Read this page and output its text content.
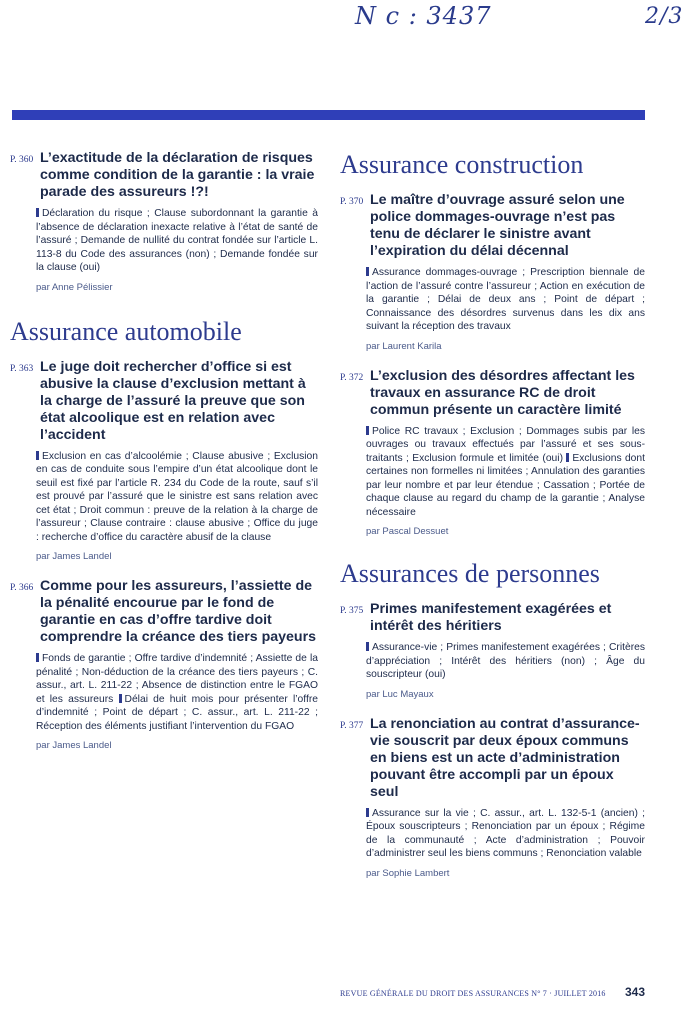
N c : 3437	2/3
P. 360 L’exactitude de la déclaration de risques comme condition de la garantie : la vraie parade des assureurs !?!
Déclaration du risque ; Clause subordonnant la garantie à l’absence de déclaration inexacte relative à l’état de santé de l’assuré ; Demande de nullité du contrat fondée sur l’article L. 113-8 du Code des assurances (non) ; Demande fondée sur la clause (oui)
par Anne Pélissier
Assurance automobile
P. 363 Le juge doit rechercher d’office si est abusive la clause d’exclusion mettant à la charge de l’assuré la preuve que son état alcoolique est en relation avec l’accident
Exclusion en cas d’alcoolémie ; Clause abusive ; Exclusion en cas de conduite sous l’empire d’un état alcoolique dont le seuil est fixé par l’article R. 234 du Code de la route, sauf s’il est prouvé par l’assuré que le sinistre est sans relation avec cet état ; Droit commun : preuve de la relation à la charge de l’assureur ; Clause contraire : clause abusive ; Office du juge : recherche d’office du caractère abusif de la clause
par James Landel
P. 366 Comme pour les assureurs, l’assiette de la pénalité encourue par le fond de garantie en cas d’offre tardive doit comprendre la créance des tiers payeurs
Fonds de garantie ; Offre tardive d’indemnité ; Assiette de la pénalité ; Non-déduction de la créance des tiers payeurs ; C. assur., art. L. 211-22 ; Absence de distinction entre le FGAO et les assureurs Délai de huit mois pour présenter l’offre d’indemnité ; Point de départ ; C. assur., art. L. 211-22 ; Réception des éléments justifiant l’intervention du FGAO
par James Landel
Assurance construction
P. 370 Le maître d’ouvrage assuré selon une police dommages-ouvrage n’est pas tenu de déclarer le sinistre avant l’expiration du délai décennal
Assurance dommages-ouvrage ; Prescription biennale de l’action de l’assuré contre l’assureur ; Action en exécution de la garantie ; Délai de deux ans ; Point de départ ; Connaissance des désordres survenus dans les dix ans suivant la réception des travaux
par Laurent Karila
P. 372 L’exclusion des désordres affectant les travaux en assurance RC de droit commun présente un caractère limité
Police RC travaux ; Exclusion ; Dommages subis par les ouvrages ou travaux effectués par l’assuré et ses sous-traitants ; Exclusion formule et limitée (oui) Exclusions dont certaines non formelles ni limitées ; Annulation des garanties par leur nombre et par leur étendue ; Cassation ; Portée de chaque clause au regard du champ de la garantie ; Analyse nécessaire
par Pascal Dessuet
Assurances de personnes
P. 375 Primes manifestement exagérées et intérêt des héritiers
Assurance-vie ; Primes manifestement exagérées ; Critères d’appréciation ; Intérêt des héritiers (non) ; Âge du souscripteur (oui)
par Luc Mayaux
P. 377 La renonciation au contrat d’assurance-vie souscrit par deux époux communs en biens est un acte d’administration pouvant être accompli par un époux seul
Assurance sur la vie ; C. assur., art. L. 132-5-1 (ancien) ; Époux souscripteurs ; Renonciation par un époux ; Régime de la communauté ; Acte d’administration ; Pouvoir d’administrer seul les biens communs ; Renonciation valable
par Sophie Lambert
REVUE GÉNÉRALE DU DROIT DES ASSURANCES N° 7 · JUILLET 2016 343
